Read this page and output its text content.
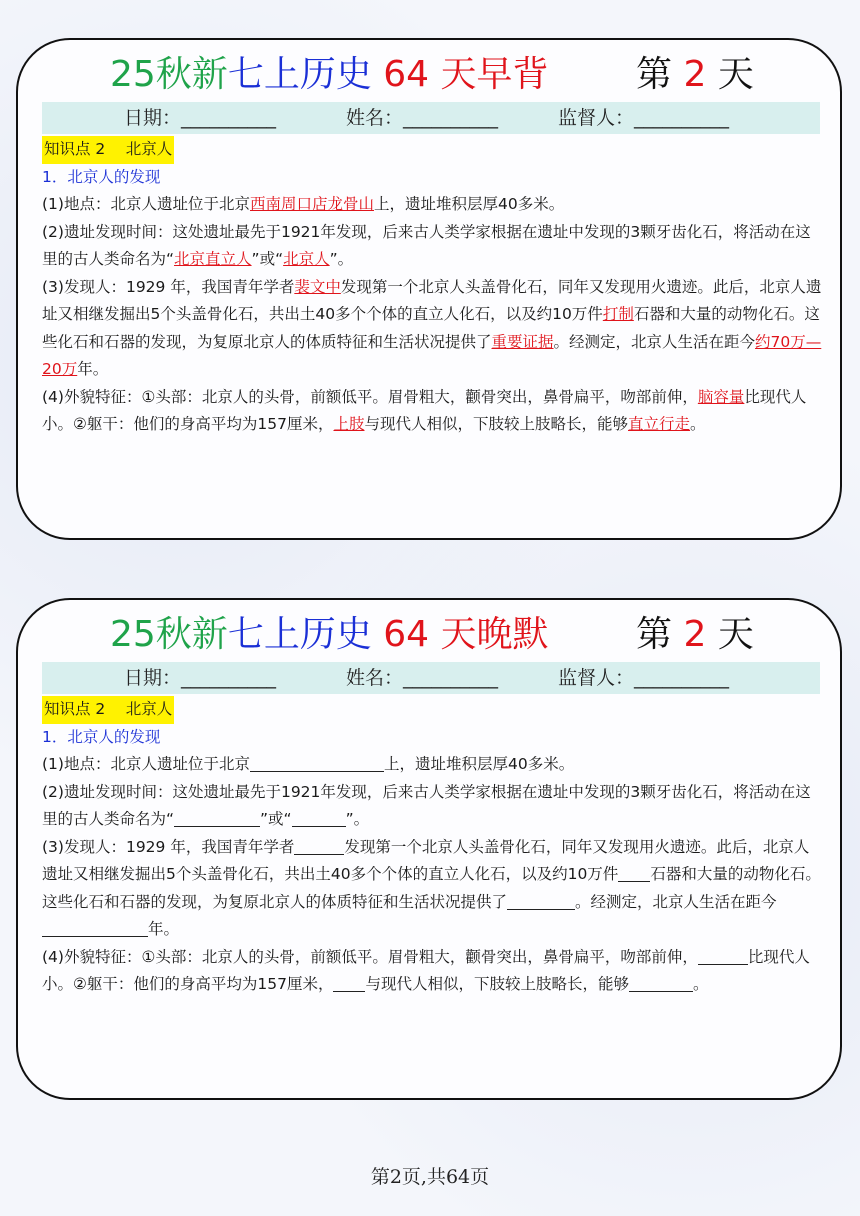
25秋新七上历史 64 天早背 第 2 天
日期：__________	姓名：__________	监督人：__________

知识点 2　 北京人

1．北京人的发现

(1)地点：北京人遗址位于北京西南周口店龙骨山上，遗址堆积层厚40多米。

(2)遗址发现时间：这处遗址最先于1921年发现，后来古人类学家根据在遗址中发现的3颗牙齿化石，将活动在这里的古人类命名为“北京直立人”或“北京人”。

(3)发现人：1929 年，我国青年学者裴文中发现第一个北京人头盖骨化石，同年又发现用火遗迹。此后，北京人遗址又相继发掘出5个头盖骨化石，共出土40多个个体的直立人化石，以及约10万件打制石器和大量的动物化石。这些化石和石器的发现，为复原北京人的体质特征和生活状况提供了重要证据。经测定，北京人生活在距今约70万—20万年。

(4)外貌特征：①头部：北京人的头骨，前额低平。眉骨粗大，颧骨突出，鼻骨扁平，吻部前伸，脑容量比现代人小。②躯干：他们的身高平均为157厘米，上肢与现代人相似，下肢较上肢略长，能够直立行走。

25秋新七上历史 64 天晚默 第 2 天
日期：__________	姓名：__________	监督人：__________

知识点 2　 北京人

1．北京人的发现

(1)地点：北京人遗址位于北京	上，遗址堆积层厚40多米。

(2)遗址发现时间：这处遗址最先于1921年发现，后来古人类学家根据在遗址中发现的3颗牙齿化石，将活动在这里的古人类命名为“	”或“	”。

(3)发现人：1929 年，我国青年学者	发现第一个北京人头盖骨化石，同年又发现用火遗迹。此后，北京人遗址又相继发掘出5个头盖骨化石，共出土40多个个体的直立人化石，以及约10万件 石器和大量的动物化石。这些化石和石器的发现，为复原北京人的体质特征和生活状况提供了	。经测定，北京人生活在距今年。

(4)外貌特征：①头部：北京人的头骨，前额低平。眉骨粗大，颧骨突出，鼻骨扁平，吻部前伸，	比现代人小。②躯干：他们的身高平均为157厘米， 与现代人相似，下肢较上肢略长，能够	。

第2页,共64页
